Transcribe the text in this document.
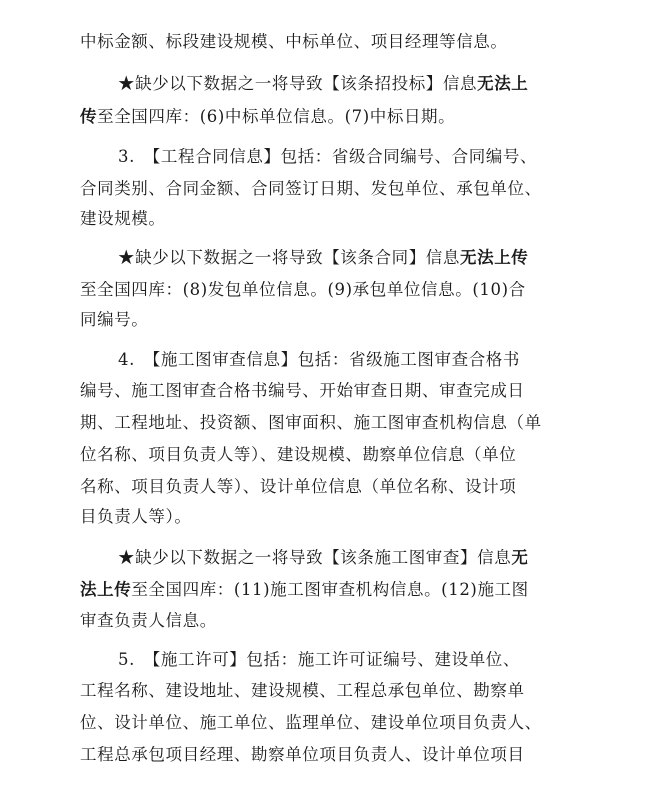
中标金额、标段建设规模、中标单位、项目经理等信息。
★缺少以下数据之一将导致【该条招投标】信息无法上
传至全国四库：(6)中标单位信息。(7)中标日期。
3.　【工程合同信息】包括：省级合同编号、合同编号、
合同类别、合同金额、合同签订日期、发包单位、承包单位、
建设规模。
★缺少以下数据之一将导致【该条合同】信息无法上传
至全国四库：(8)发包单位信息。(9)承包单位信息。(10)合
同编号。
4.　【施工图审查信息】包括：省级施工图审查合格书
编号、施工图审查合格书编号、开始审查日期、审查完成日
期、工程地址、投资额、图审面积、施工图审查机构信息（单
位名称、项目负责人等）、建设规模、勘察单位信息（单位
名称、项目负责人等）、设计单位信息（单位名称、设计项
目负责人等）。
★缺少以下数据之一将导致【该条施工图审查】信息无
法上传至全国四库：(11)施工图审查机构信息。(12)施工图
审查负责人信息。
5.　【施工许可】包括：施工许可证编号、建设单位、
工程名称、建设地址、建设规模、工程总承包单位、勘察单
位、设计单位、施工单位、监理单位、建设单位项目负责人、
工程总承包项目经理、勘察单位项目负责人、设计单位项目
